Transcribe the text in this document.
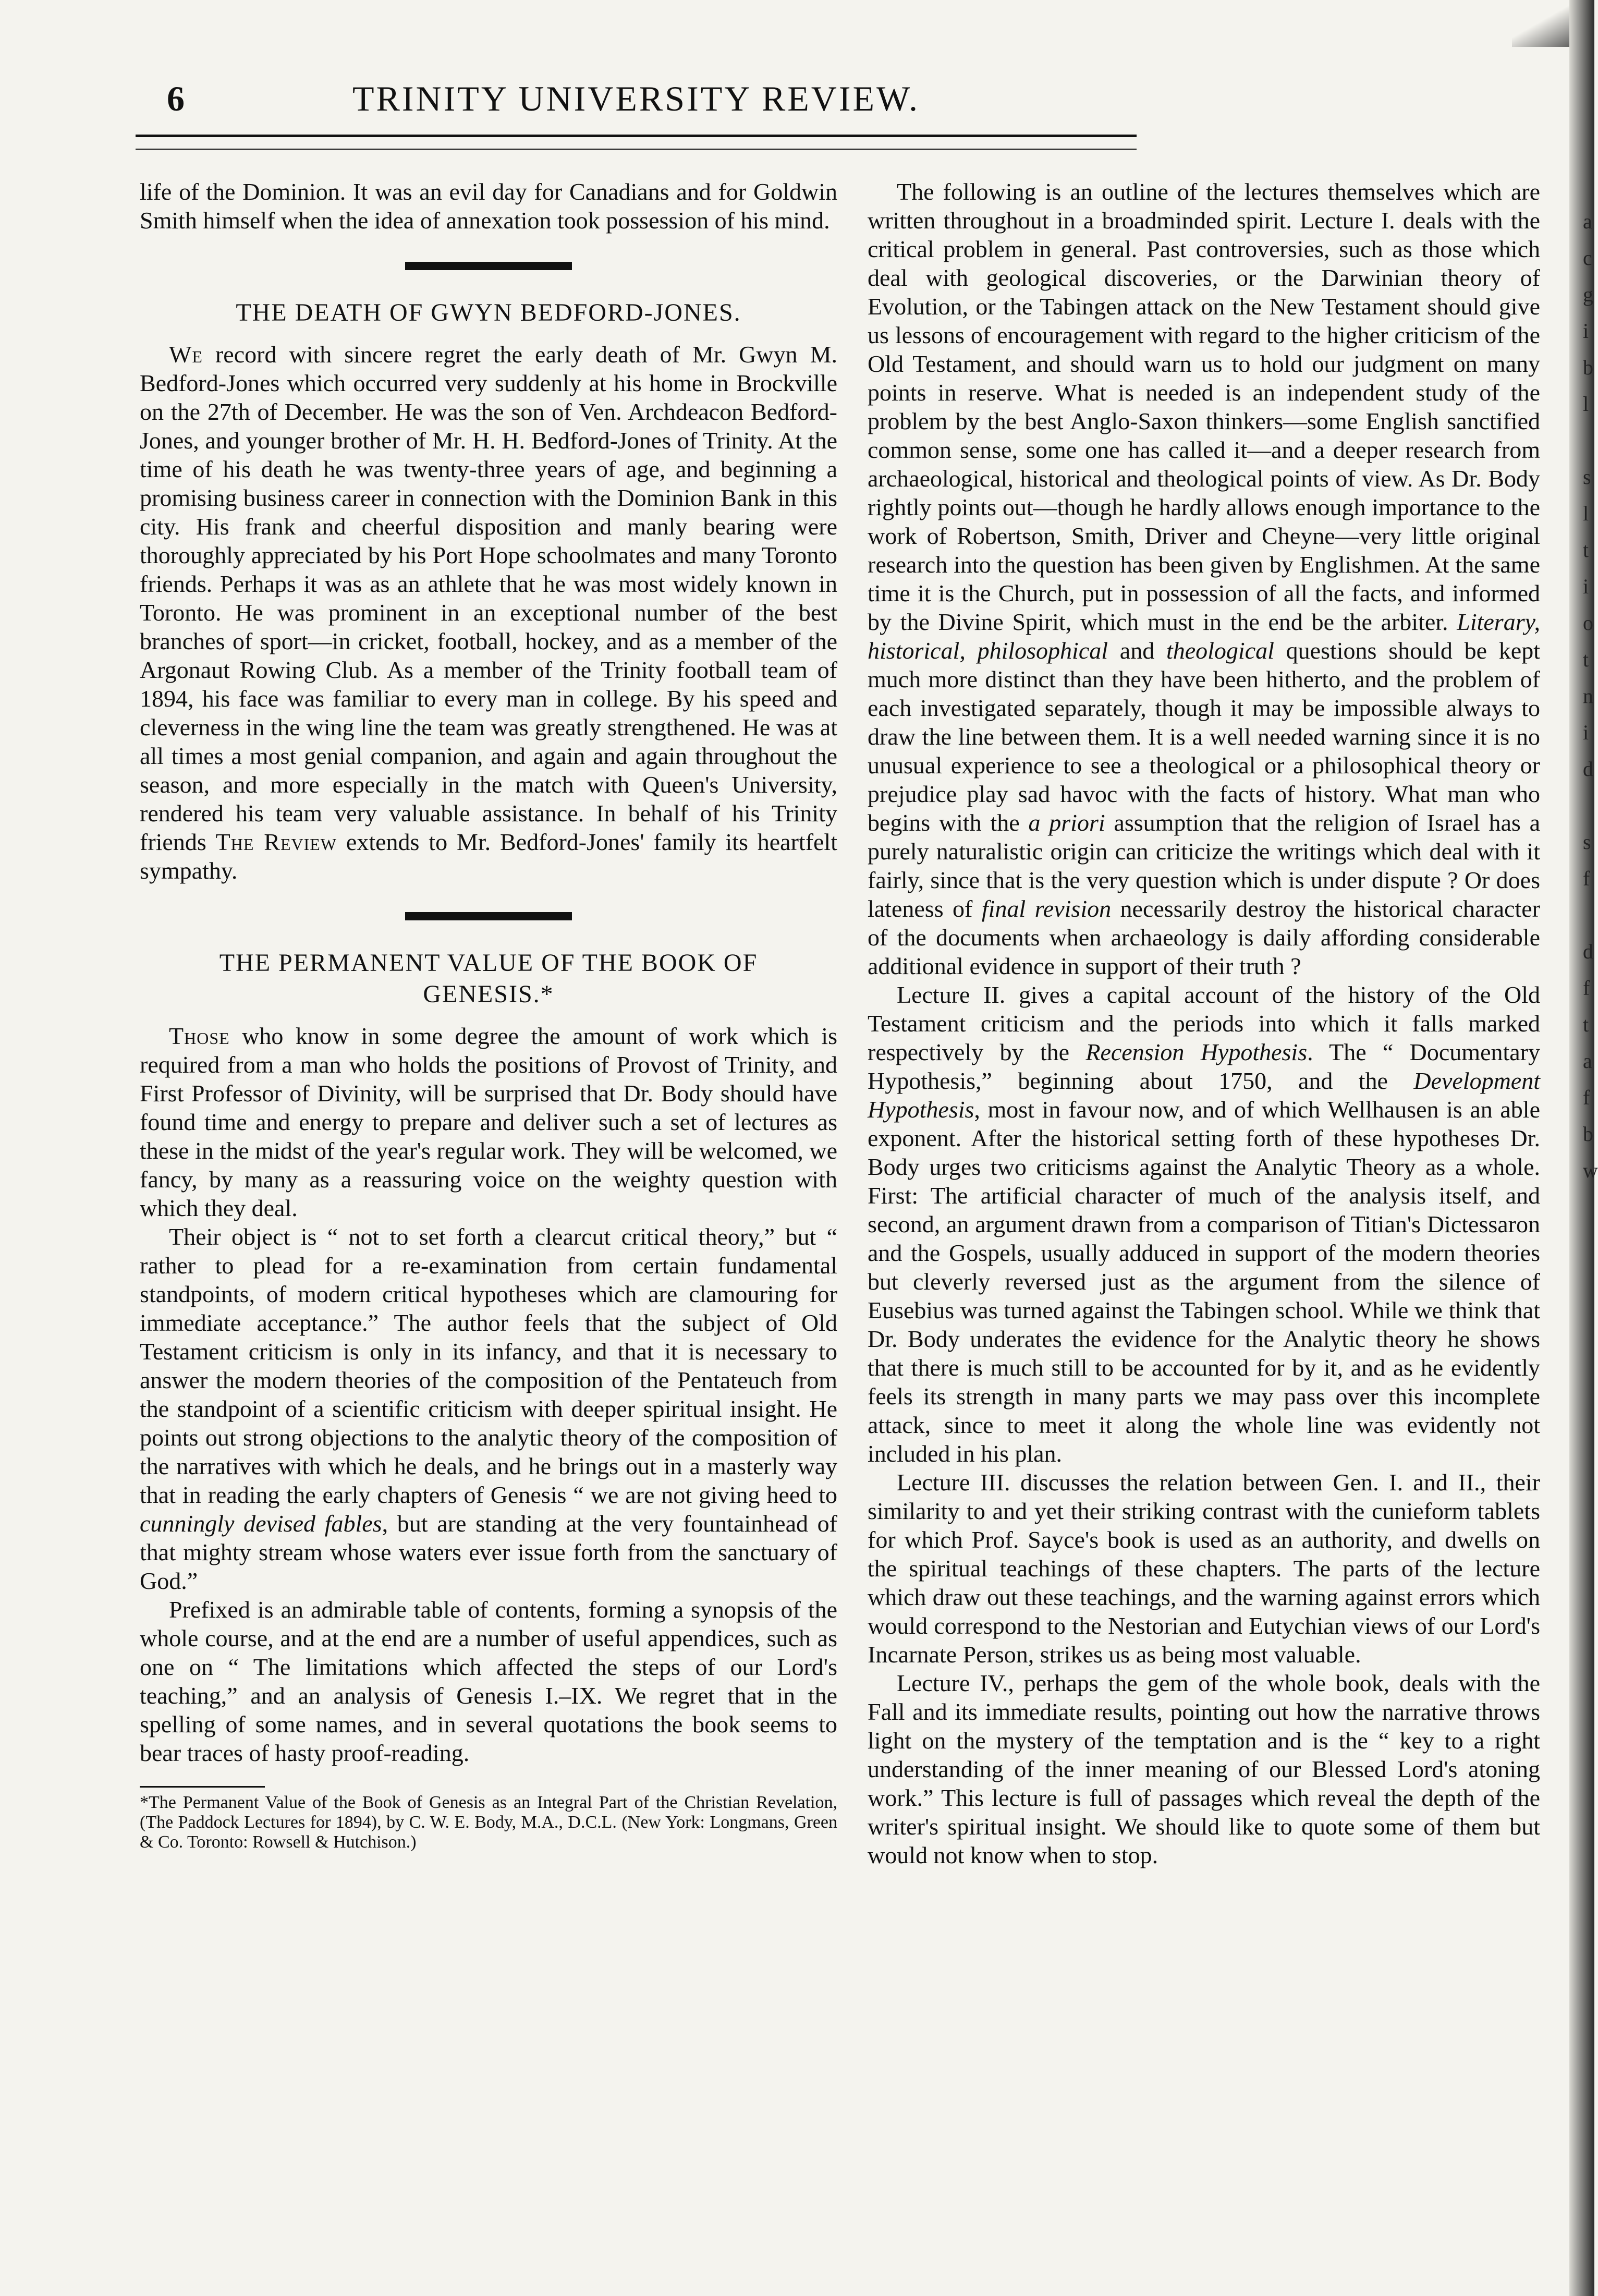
6	TRINITY UNIVERSITY REVIEW.

life of the Dominion. It was an evil day for Canadians and for Goldwin Smith himself when the idea of annexation took possession of his mind.

THE DEATH OF GWYN BEDFORD-JONES.

We record with sincere regret the early death of Mr. Gwyn M. Bedford-Jones which occurred very suddenly at his home in Brockville on the 27th of December. He was the son of Ven. Archdeacon Bedford-Jones, and younger brother of Mr. H. H. Bedford-Jones of Trinity. At the time of his death he was twenty-three years of age, and beginning a promising business career in connection with the Dominion Bank in this city. His frank and cheerful disposition and manly bearing were thoroughly appreciated by his Port Hope schoolmates and many Toronto friends. Perhaps it was as an athlete that he was most widely known in Toronto. He was prominent in an exceptional number of the best branches of sport—in cricket, football, hockey, and as a member of the Argonaut Rowing Club. As a member of the Trinity football team of 1894, his face was familiar to every man in college. By his speed and cleverness in the wing line the team was greatly strengthened. He was at all times a most genial companion, and again and again throughout the season, and more especially in the match with Queen's University, rendered his team very valuable assistance. In behalf of his Trinity friends The Review extends to Mr. Bedford-Jones' family its heartfelt sympathy.

THE PERMANENT VALUE OF THE BOOK OF
GENESIS.*

Those who know in some degree the amount of work which is required from a man who holds the positions of Provost of Trinity, and First Professor of Divinity, will be surprised that Dr. Body should have found time and energy to prepare and deliver such a set of lectures as these in the midst of the year's regular work. They will be welcomed, we fancy, by many as a reassuring voice on the weighty question with which they deal.

Their object is “ not to set forth a clearcut critical theory,” but “ rather to plead for a re-examination from certain fundamental standpoints, of modern critical hypotheses which are clamouring for immediate acceptance.” The author feels that the subject of Old Testament criticism is only in its infancy, and that it is necessary to answer the modern theories of the composition of the Pentateuch from the standpoint of a scientific criticism with deeper spiritual insight. He points out strong objections to the analytic theory of the composition of the narratives with which he deals, and he brings out in a masterly way that in reading the early chapters of Genesis “ we are not giving heed to cunningly devised fables, but are standing at the very fountainhead of that mighty stream whose waters ever issue forth from the sanctuary of God.”

Prefixed is an admirable table of contents, forming a synopsis of the whole course, and at the end are a number of useful appendices, such as one on “ The limitations which affected the steps of our Lord's teaching,” and an analysis of Genesis I.–IX. We regret that in the spelling of some names, and in several quotations the book seems to bear traces of hasty proof-reading.

*The Permanent Value of the Book of Genesis as an Integral Part of the Christian Revelation, (The Paddock Lectures for 1894), by C. W. E. Body, M.A., D.C.L. (New York: Longmans, Green & Co. Toronto: Rowsell & Hutchison.)

The following is an outline of the lectures themselves which are written throughout in a broadminded spirit. Lecture I. deals with the critical problem in general. Past controversies, such as those which deal with geological discoveries, or the Darwinian theory of Evolution, or the Tabingen attack on the New Testament should give us lessons of encouragement with regard to the higher criticism of the Old Testament, and should warn us to hold our judgment on many points in reserve. What is needed is an independent study of the problem by the best Anglo-Saxon thinkers—some English sanctified common sense, some one has called it—and a deeper research from archaeological, historical and theological points of view. As Dr. Body rightly points out—though he hardly allows enough importance to the work of Robertson, Smith, Driver and Cheyne—very little original research into the question has been given by Englishmen. At the same time it is the Church, put in possession of all the facts, and informed by the Divine Spirit, which must in the end be the arbiter. Literary, historical, philosophical and theological questions should be kept much more distinct than they have been hitherto, and the problem of each investigated separately, though it may be impossible always to draw the line between them. It is a well needed warning since it is no unusual experience to see a theological or a philosophical theory or prejudice play sad havoc with the facts of history. What man who begins with the a priori assumption that the religion of Israel has a purely naturalistic origin can criticize the writings which deal with it fairly, since that is the very question which is under dispute ? Or does lateness of final revision necessarily destroy the historical character of the documents when archaeology is daily affording considerable additional evidence in support of their truth ?

Lecture II. gives a capital account of the history of the Old Testament criticism and the periods into which it falls marked respectively by the Recension Hypothesis. The “ Documentary Hypothesis,” beginning about 1750, and the Development Hypothesis, most in favour now, and of which Wellhausen is an able exponent. After the historical setting forth of these hypotheses Dr. Body urges two criticisms against the Analytic Theory as a whole. First: The artificial character of much of the analysis itself, and second, an argument drawn from a comparison of Titian's Dictessaron and the Gospels, usually adduced in support of the modern theories but cleverly reversed just as the argument from the silence of Eusebius was turned against the Tabingen school. While we think that Dr. Body underates the evidence for the Analytic theory he shows that there is much still to be accounted for by it, and as he evidently feels its strength in many parts we may pass over this incomplete attack, since to meet it along the whole line was evidently not included in his plan.

Lecture III. discusses the relation between Gen. I. and II., their similarity to and yet their striking contrast with the cunieform tablets for which Prof. Sayce's book is used as an authority, and dwells on the spiritual teachings of these chapters. The parts of the lecture which draw out these teachings, and the warning against errors which would correspond to the Nestorian and Eutychian views of our Lord's Incarnate Person, strikes us as being most valuable.

Lecture IV., perhaps the gem of the whole book, deals with the Fall and its immediate results, pointing out how the narrative throws light on the mystery of the temptation and is the “ key to a right understanding of the inner meaning of our Blessed Lord's atoning work.” This lecture is full of passages which reveal the depth of the writer's spiritual insight. We should like to quote some of them but would not know when to stop.

a
c
g
i
b
l

s
l
t
i
o
t
n
i
d

s
f

d
f
t
a
f
b
w
